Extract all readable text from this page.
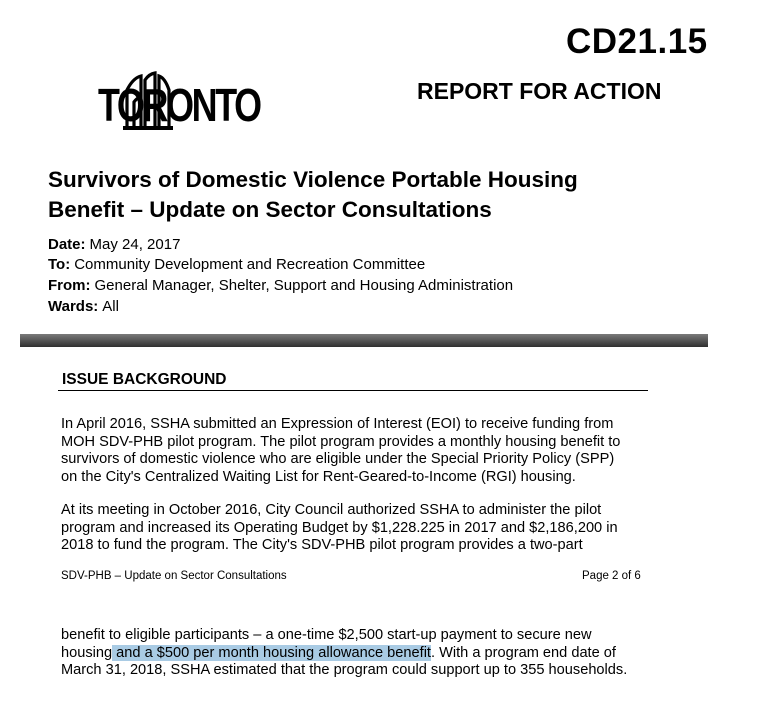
CD21.15
TORONTO	REPORT FOR ACTION
Survivors of Domestic Violence Portable Housing
Benefit – Update on Sector Consultations
Date: May 24, 2017
To: Community Development and Recreation Committee
From: General Manager, Shelter, Support and Housing Administration
Wards: All
ISSUE BACKGROUND

In April 2016, SSHA submitted an Expression of Interest (EOI) to receive funding from

MOH SDV-PHB pilot program. The pilot program provides a monthly housing benefit to

survivors of domestic violence who are eligible under the Special Priority Policy (SPP)

on the City's Centralized Waiting List for Rent-Geared-to-Income (RGI) housing.

At its meeting in October 2016, City Council authorized SSHA to administer the pilot

program and increased its Operating Budget by $1,228.225 in 2017 and $2,186,200 in

2018 to fund the program. The City's SDV-PHB pilot program provides a two-part

SDV-PHB – Update on Sector Consultations	Page 2 of 6

benefit to eligible participants – a one-time $2,500 start-up payment to secure new

housing and a $500 per month housing allowance benefit. With a program end date of

March 31, 2018, SSHA estimated that the program could support up to 355 households.
